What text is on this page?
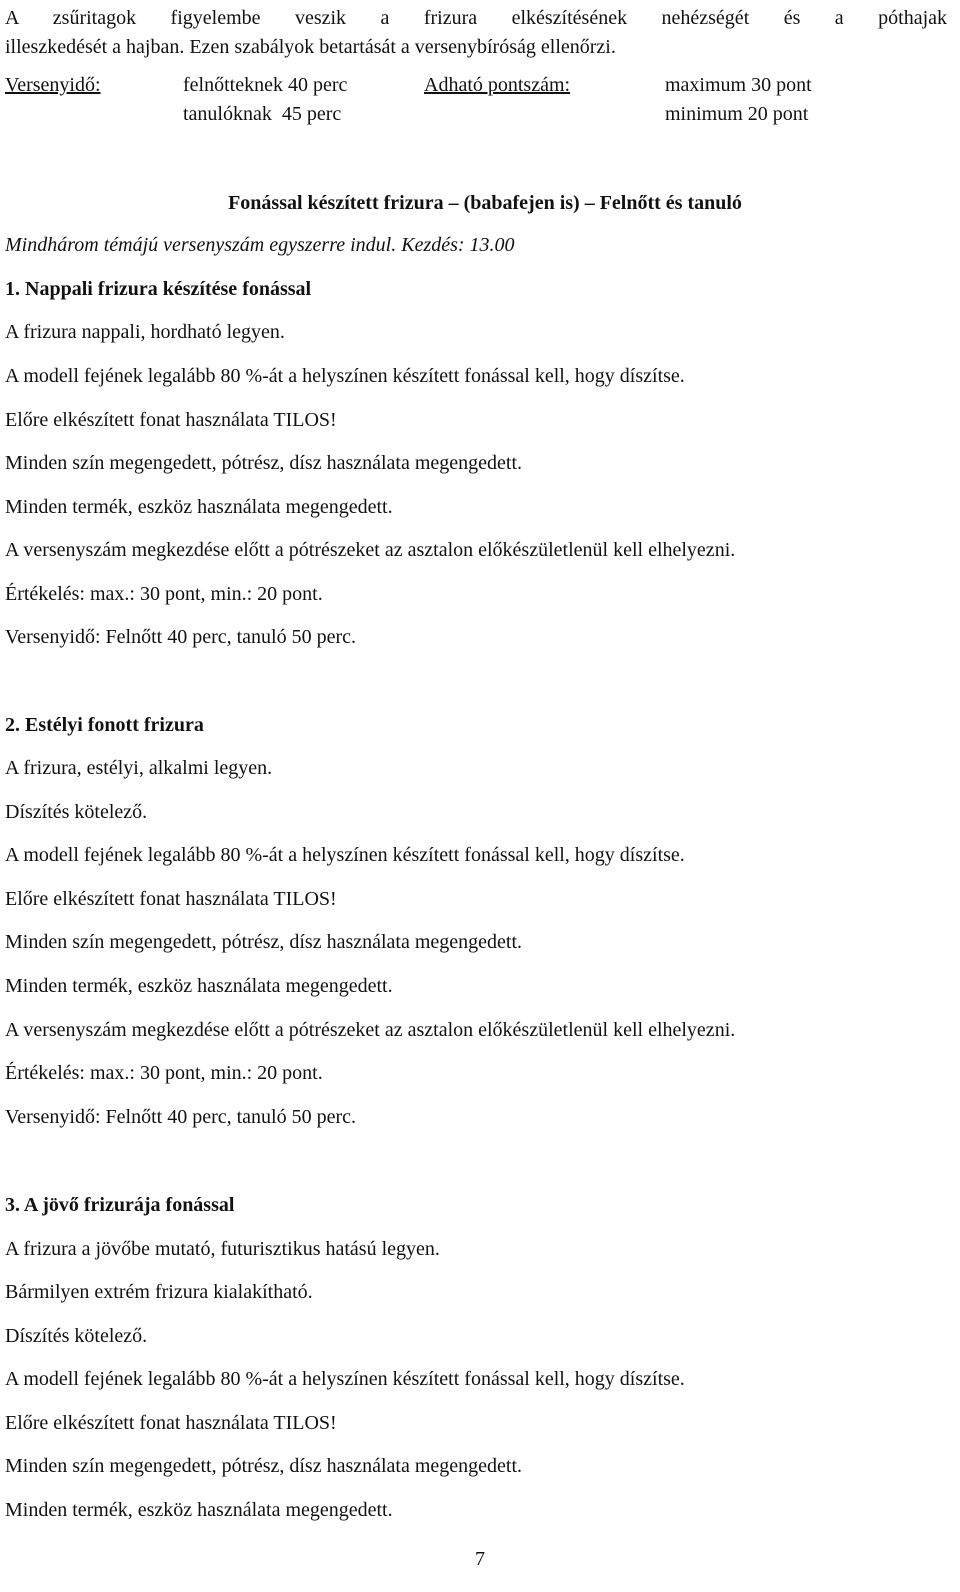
A zsűritagok figyelembe veszik a frizura elkészítésének nehézségét és a póthajak
illeszkedését a hajban. Ezen szabályok betartását a versenybíróság ellenőrzi.
Versenyidő:	felnőtteknek 40 perc
tanulóknak  45 perc
Adható pontszám:	maximum 30 pont
minimum 20 pont
Fonással készített frizura – (babafejen is) – Felnőtt és tanuló
Mindhárom témájú versenyszám egyszerre indul. Kezdés: 13.00
1. Nappali frizura készítése fonással
A frizura nappali, hordható legyen.
A modell fejének legalább 80 %-át a helyszínen készített fonással kell, hogy díszítse.
Előre elkészített fonat használata TILOS!
Minden szín megengedett, pótrész, dísz használata megengedett.
Minden termék, eszköz használata megengedett.
A versenyszám megkezdése előtt a pótrészeket az asztalon előkészületlenül kell elhelyezni.
Értékelés: max.: 30 pont, min.: 20 pont.
Versenyidő: Felnőtt 40 perc, tanuló 50 perc.
2. Estélyi fonott frizura
A frizura, estélyi, alkalmi legyen.
Díszítés kötelező.
A modell fejének legalább 80 %-át a helyszínen készített fonással kell, hogy díszítse.
Előre elkészített fonat használata TILOS!
Minden szín megengedett, pótrész, dísz használata megengedett.
Minden termék, eszköz használata megengedett.
A versenyszám megkezdése előtt a pótrészeket az asztalon előkészületlenül kell elhelyezni.
Értékelés: max.: 30 pont, min.: 20 pont.
Versenyidő: Felnőtt 40 perc, tanuló 50 perc.
3. A jövő frizurája fonással
A frizura a jövőbe mutató, futurisztikus hatású legyen.
Bármilyen extrém frizura kialakítható.
Díszítés kötelező.
A modell fejének legalább 80 %-át a helyszínen készített fonással kell, hogy díszítse.
Előre elkészített fonat használata TILOS!
Minden szín megengedett, pótrész, dísz használata megengedett.
Minden termék, eszköz használata megengedett.
7
